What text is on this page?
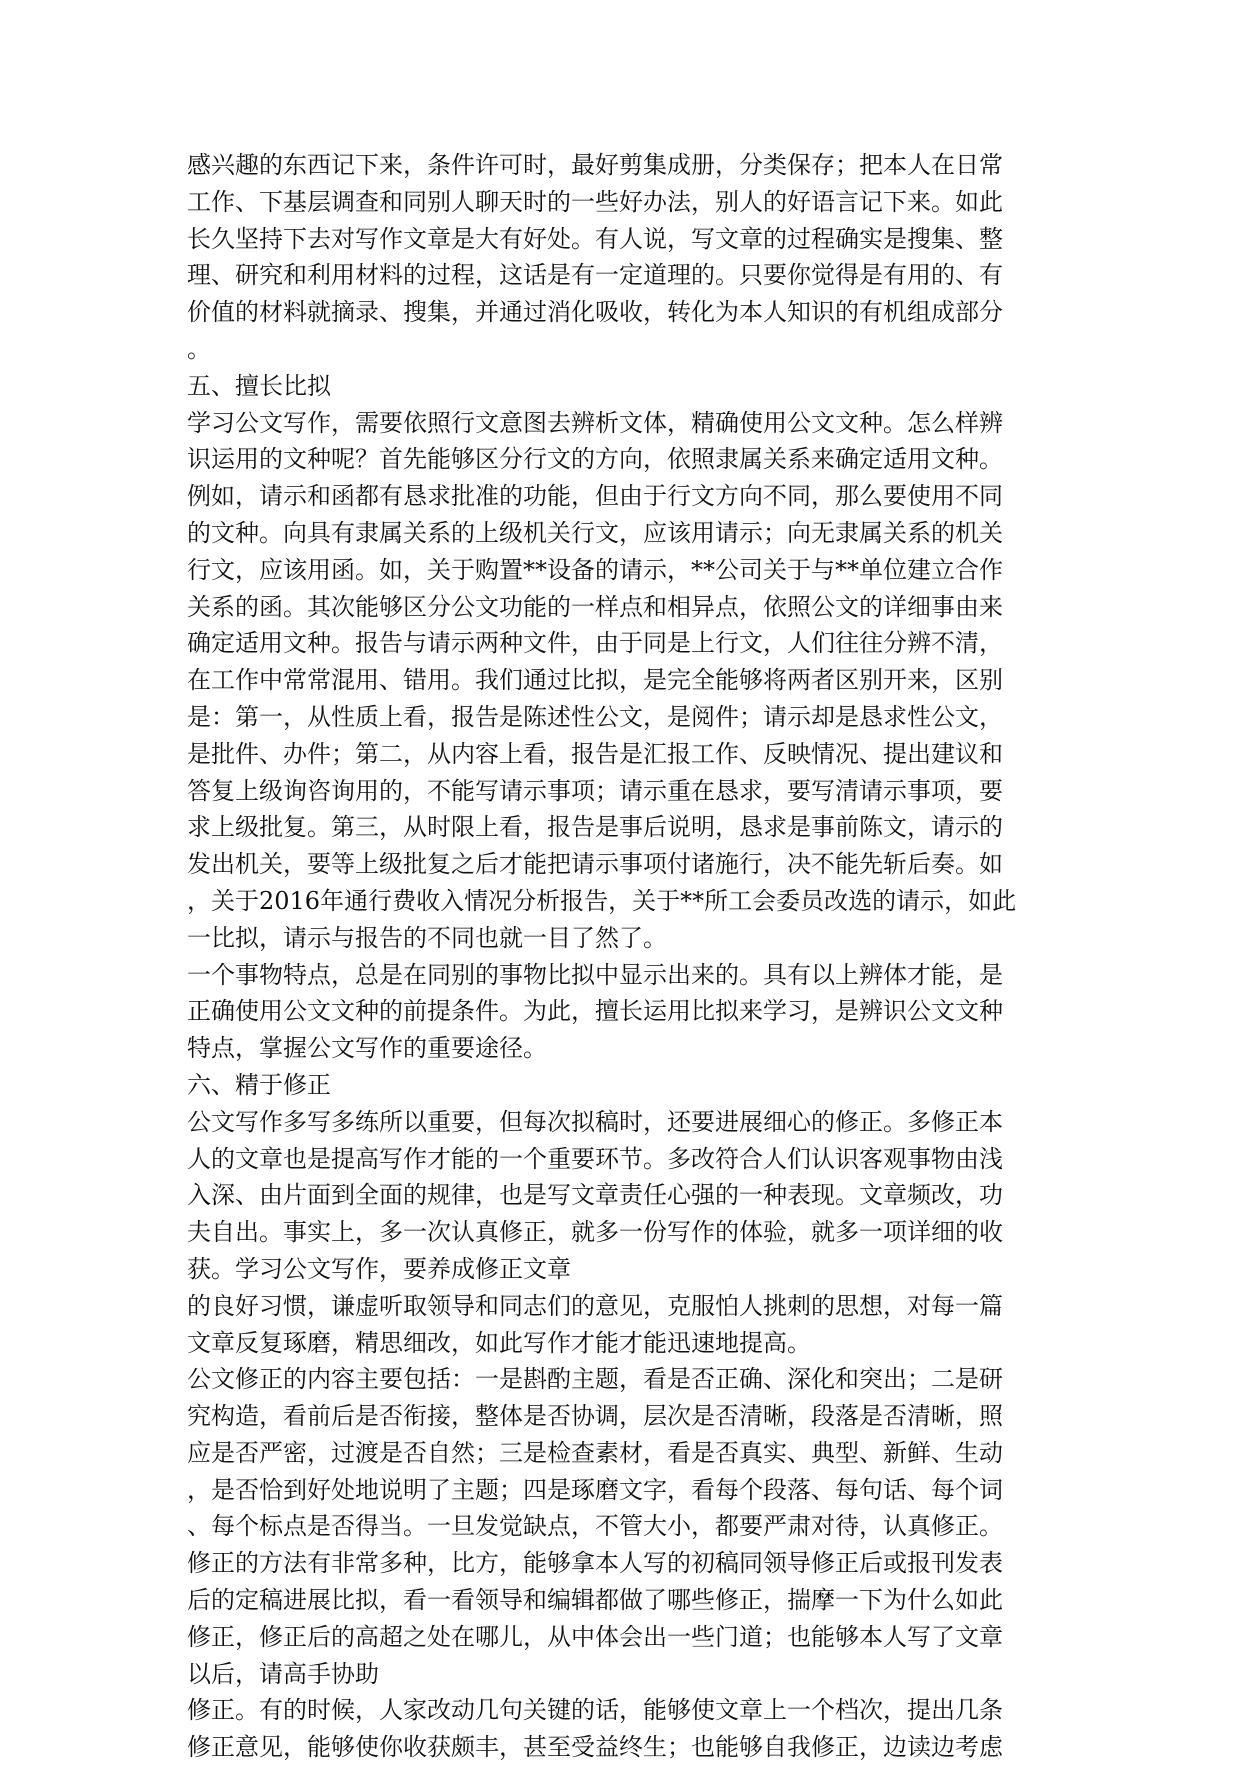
感兴趣的东西记下来，条件许可时，最好剪集成册，分类保存；把本人在日常
工作、下基层调查和同别人聊天时的一些好办法，别人的好语言记下来。如此
长久坚持下去对写作文章是大有好处。有人说，写文章的过程确实是搜集、整
理、研究和利用材料的过程，这话是有一定道理的。只要你觉得是有用的、有
价值的材料就摘录、搜集，并通过消化吸收，转化为本人知识的有机组成部分
。
五、擅长比拟
学习公文写作，需要依照行文意图去辨析文体，精确使用公文文种。怎么样辨
识运用的文种呢？首先能够区分行文的方向，依照隶属关系来确定适用文种。
例如，请示和函都有恳求批准的功能，但由于行文方向不同，那么要使用不同
的文种。向具有隶属关系的上级机关行文，应该用请示；向无隶属关系的机关
行文，应该用函。如，关于购置**设备的请示，**公司关于与**单位建立合作
关系的函。其次能够区分公文功能的一样点和相异点，依照公文的详细事由来
确定适用文种。报告与请示两种文件，由于同是上行文，人们往往分辨不清，
在工作中常常混用、错用。我们通过比拟，是完全能够将两者区别开来，区别
是：第一，从性质上看，报告是陈述性公文，是阅件；请示却是恳求性公文，
是批件、办件；第二，从内容上看，报告是汇报工作、反映情况、提出建议和
答复上级询咨询用的，不能写请示事项；请示重在恳求，要写清请示事项，要
求上级批复。第三，从时限上看，报告是事后说明，恳求是事前陈文，请示的
发出机关，要等上级批复之后才能把请示事项付诸施行，决不能先斩后奏。如
，关于2016年通行费收入情况分析报告，关于**所工会委员改选的请示，如此
一比拟，请示与报告的不同也就一目了然了。
一个事物特点，总是在同别的事物比拟中显示出来的。具有以上辨体才能，是
正确使用公文文种的前提条件。为此，擅长运用比拟来学习，是辨识公文文种
特点，掌握公文写作的重要途径。
六、精于修正
公文写作多写多练所以重要，但每次拟稿时，还要进展细心的修正。多修正本
人的文章也是提高写作才能的一个重要环节。多改符合人们认识客观事物由浅
入深、由片面到全面的规律，也是写文章责任心强的一种表现。文章频改，功
夫自出。事实上，多一次认真修正，就多一份写作的体验，就多一项详细的收
获。学习公文写作，要养成修正文章
的良好习惯，谦虚听取领导和同志们的意见，克服怕人挑刺的思想，对每一篇
文章反复琢磨，精思细改，如此写作才能才能迅速地提高。
公文修正的内容主要包括：一是斟酌主题，看是否正确、深化和突出；二是研
究构造，看前后是否衔接，整体是否协调，层次是否清晰，段落是否清晰，照
应是否严密，过渡是否自然；三是检查素材，看是否真实、典型、新鲜、生动
，是否恰到好处地说明了主题；四是琢磨文字，看每个段落、每句话、每个词
、每个标点是否得当。一旦发觉缺点，不管大小，都要严肃对待，认真修正。
修正的方法有非常多种，比方，能够拿本人写的初稿同领导修正后或报刊发表
后的定稿进展比拟，看一看领导和编辑都做了哪些修正，揣摩一下为什么如此
修正，修正后的高超之处在哪儿，从中体会出一些门道；也能够本人写了文章
以后，请高手协助
修正。有的时候，人家改动几句关键的话，能够使文章上一个档次，提出几条
修正意见，能够使你收获颇丰，甚至受益终生；也能够自我修正，边读边考虑
